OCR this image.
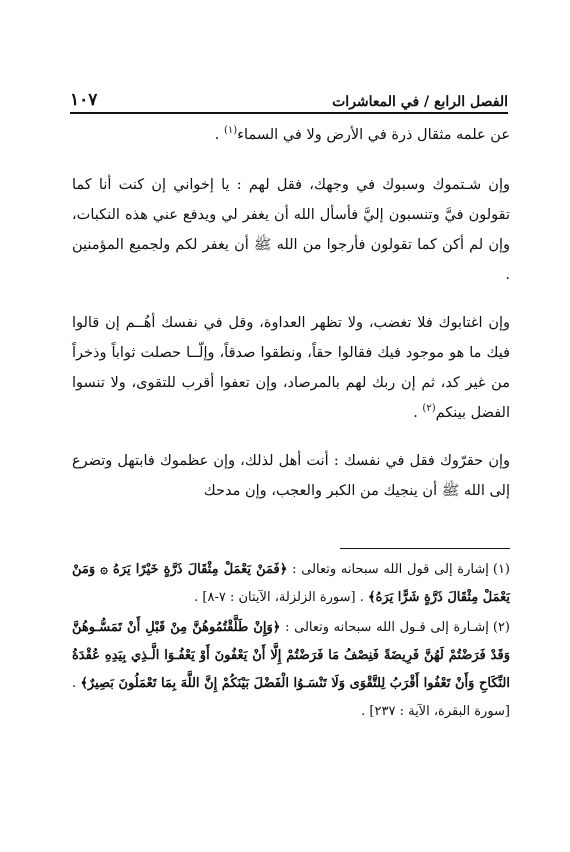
الفصل الرابع / في المعاشرات
١٠٧

عن علمه مثقال ذرة في الأرض ولا في السماء$^{(١)}$ .

وإن شـتموك وسبوك في وجهك، فقل لهم : يا إخواني إن كنت أنا كما تقولون فيَّ وتنسبون إليَّ فأسأل الله أن يغفر لي ويدفع عني هذه النكبات، وإن لم أكن كما تقولون فأرجوا من الله ﷺ أن يغفر لكم ولجميع المؤمنين .

وإن اغتابوك فلا تغضب، ولا تظهر العداوة، وقل في نفسك أهُــم إن قالوا فيك ما هو موجود فيك فقالوا حقاً، ونطقوا صدقاً، وإلّــا حصلت ثواباً وذخراً من غير كد، ثم إن ربك لهم بالمرصاد، وإن تعفوا أقرب للتقوى، ولا تنسوا الفضل بينكم$^{(٢)}$ .

وإن حقرّوك فقل في نفسك : أنت أهل لذلك، وإن عظموك فابتهل وتضرع إلى الله ﷺ أن ينجيك من الكبر والعجب، وإن مدحك

(١)إشارة إلى قول الله سبحانه وتعالى : ﴿فَمَنْ يَعْمَلْ مِثْقَالَ ذَرَّةٍ خَيْرًا يَرَهُ ۞ وَمَنْ يَعْمَلْ مِثْقَالَ ذَرَّةٍ شَرًّا يَرَهُ﴾ . [سورة الزلزلة، الآيتان : ٧-٨] .

(٢)إشـارة إلى قـول الله سبحانه وتعالى : ﴿وَإِنْ طَلَّقْتُمُوهُنَّ مِنْ قَبْلِ أَنْ تَمَسُّـوهُنَّ وَقَدْ فَرَضْتُمْ لَهُنَّ فَرِيضَةً فَنِصْفُ مَا فَرَضْتُمْ إِلَّا أَنْ يَعْفُونَ أَوْ يَعْفُـوَا الَّـذِي بِيَدِهِ عُقْدَةُ النِّكَاحِ وَأَنْ تَعْفُوا أَقْرَبُ لِلتَّقْوَى وَلَا تَنْسَـوُا الْفَضْلَ بَيْنَكُمْ إِنَّ اللَّهَ بِمَا تَعْمَلُونَ بَصِيرٌ﴾ . [سورة البقرة، الآية : ٢٣٧] .
